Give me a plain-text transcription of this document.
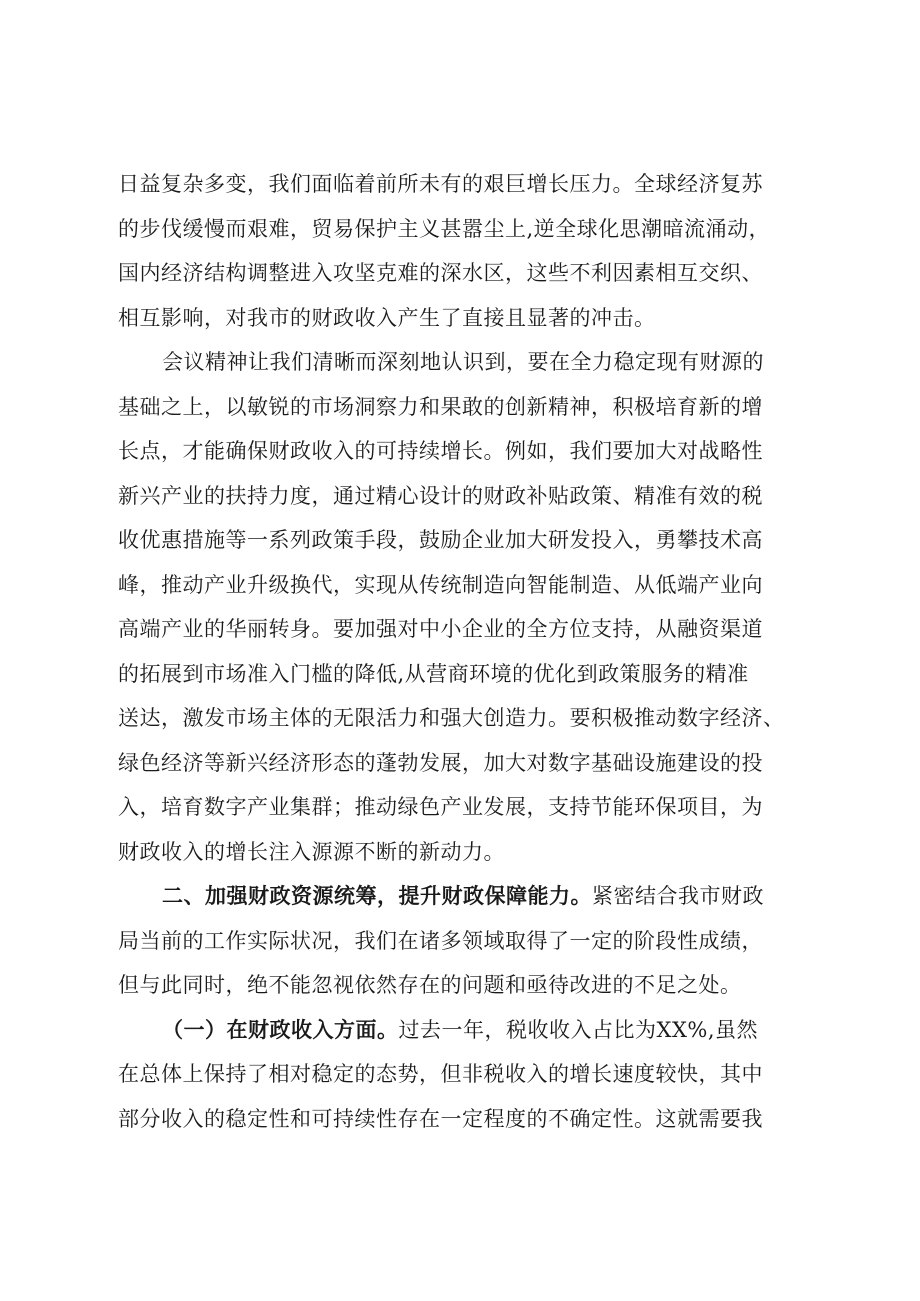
日益复杂多变，我们面临着前所未有的艰巨增长压力。全球经济复苏
的步伐缓慢而艰难，贸易保护主义甚嚣尘上,逆全球化思潮暗流涌动，
国内经济结构调整进入攻坚克难的深水区，这些不利因素相互交织、
相互影响，对我市的财政收入产生了直接且显著的冲击。
会议精神让我们清晰而深刻地认识到，要在全力稳定现有财源的
基础之上，以敏锐的市场洞察力和果敢的创新精神，积极培育新的增
长点，才能确保财政收入的可持续增长。例如，我们要加大对战略性
新兴产业的扶持力度，通过精心设计的财政补贴政策、精准有效的税
收优惠措施等一系列政策手段，鼓励企业加大研发投入，勇攀技术高
峰，推动产业升级换代，实现从传统制造向智能制造、从低端产业向
高端产业的华丽转身。要加强对中小企业的全方位支持，从融资渠道
的拓展到市场准入门槛的降低,从营商环境的优化到政策服务的精准
送达，激发市场主体的无限活力和强大创造力。要积极推动数字经济、
绿色经济等新兴经济形态的蓬勃发展，加大对数字基础设施建设的投
入，培育数字产业集群；推动绿色产业发展，支持节能环保项目，为
财政收入的增长注入源源不断的新动力。
二、加强财政资源统筹，提升财政保障能力。紧密结合我市财政
局当前的工作实际状况，我们在诸多领域取得了一定的阶段性成绩，
但与此同时，绝不能忽视依然存在的问题和亟待改进的不足之处。
（一）在财政收入方面。过去一年，税收收入占比为XX%,虽然
在总体上保持了相对稳定的态势，但非税收入的增长速度较快，其中
部分收入的稳定性和可持续性存在一定程度的不确定性。这就需要我
